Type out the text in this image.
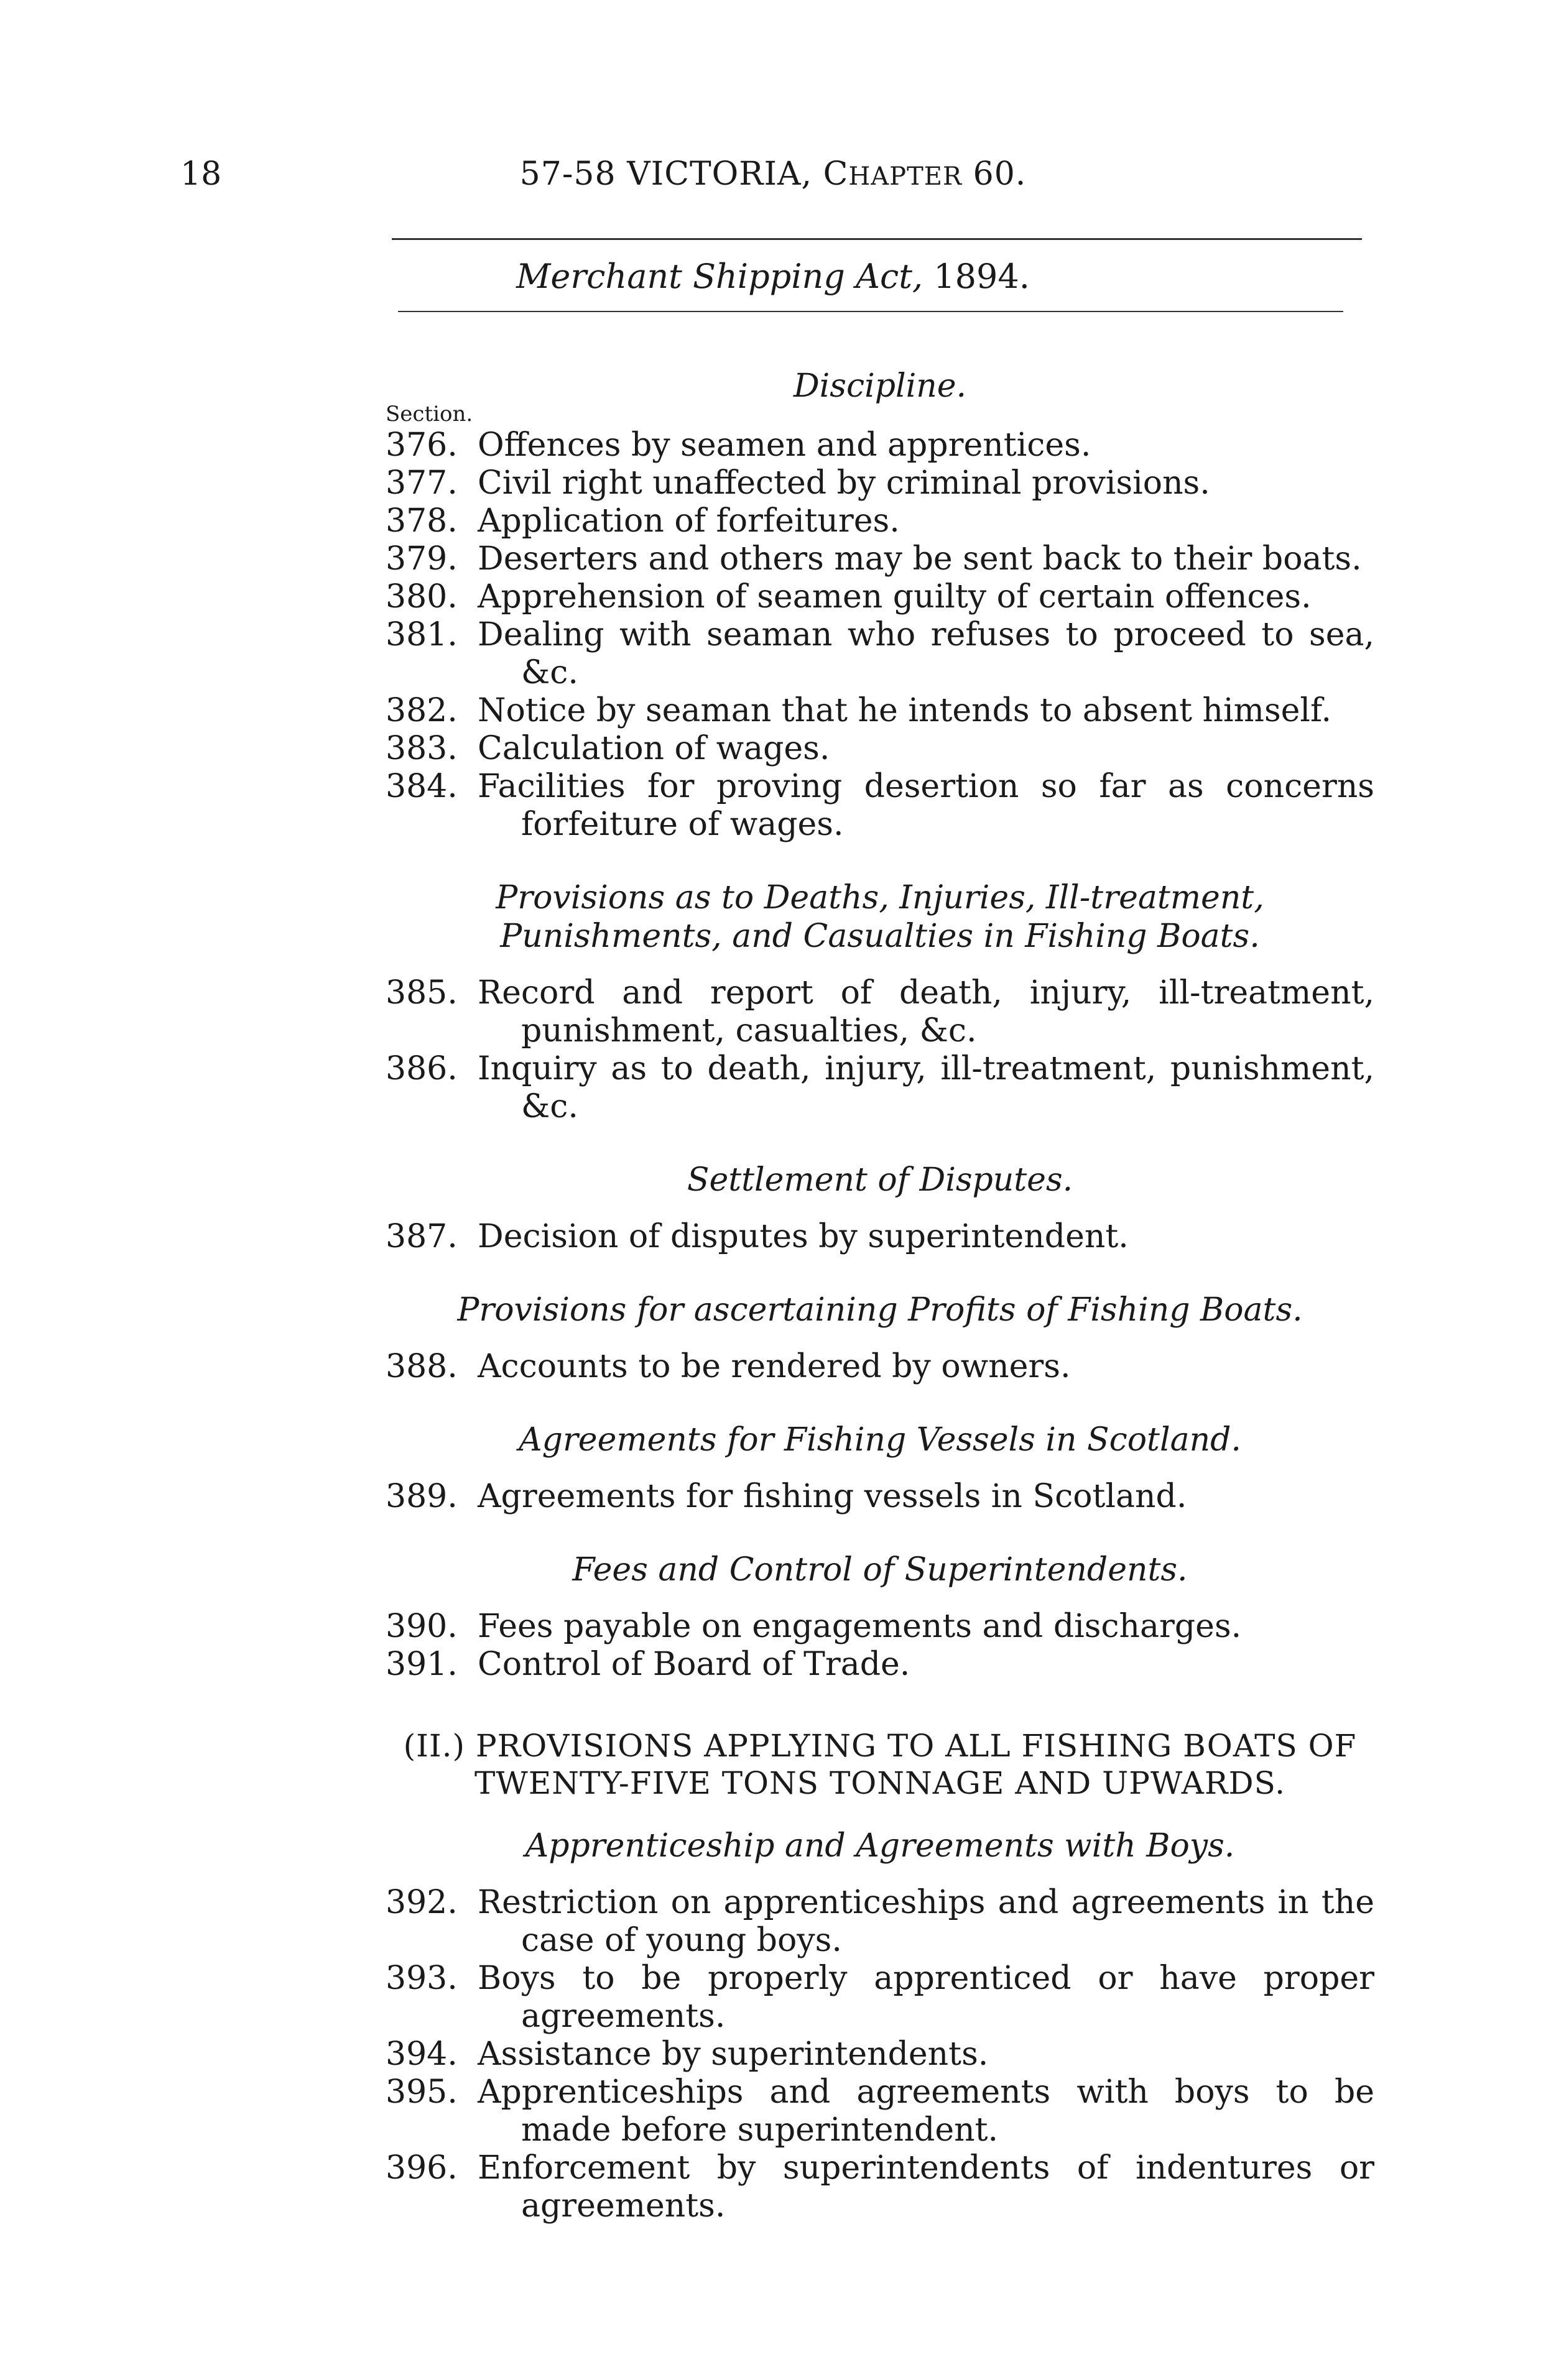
18	57-58 VICTORIA, CHAPTER 60.
Merchant Shipping Act, 1894.
Discipline.
Section.
376. Offences by seamen and apprentices.
377. Civil right unaffected by criminal provisions.
378. Application of forfeitures.
379. Deserters and others may be sent back to their boats.
380. Apprehension of seamen guilty of certain offences.
381. Dealing with seaman who refuses to proceed to sea, &c.
382. Notice by seaman that he intends to absent himself.
383. Calculation of wages.
384. Facilities for proving desertion so far as concerns forfeiture of wages.
Provisions as to Deaths, Injuries, Ill-treatment, Punishments, and Casualties in Fishing Boats.
385. Record and report of death, injury, ill-treatment, punishment, casualties, &c.
386. Inquiry as to death, injury, ill-treatment, punishment, &c.
Settlement of Disputes.
387. Decision of disputes by superintendent.
Provisions for ascertaining Profits of Fishing Boats.
388. Accounts to be rendered by owners.
Agreements for Fishing Vessels in Scotland.
389. Agreements for fishing vessels in Scotland.
Fees and Control of Superintendents.
390. Fees payable on engagements and discharges.
391. Control of Board of Trade.
(II.) PROVISIONS APPLYING TO ALL FISHING BOATS OF TWENTY-FIVE TONS TONNAGE AND UPWARDS.
Apprenticeship and Agreements with Boys.
392. Restriction on apprenticeships and agreements in the case of young boys.
393. Boys to be properly apprenticed or have proper agreements.
394. Assistance by superintendents.
395. Apprenticeships and agreements with boys to be made before superintendent.
396. Enforcement by superintendents of indentures or agreements.
